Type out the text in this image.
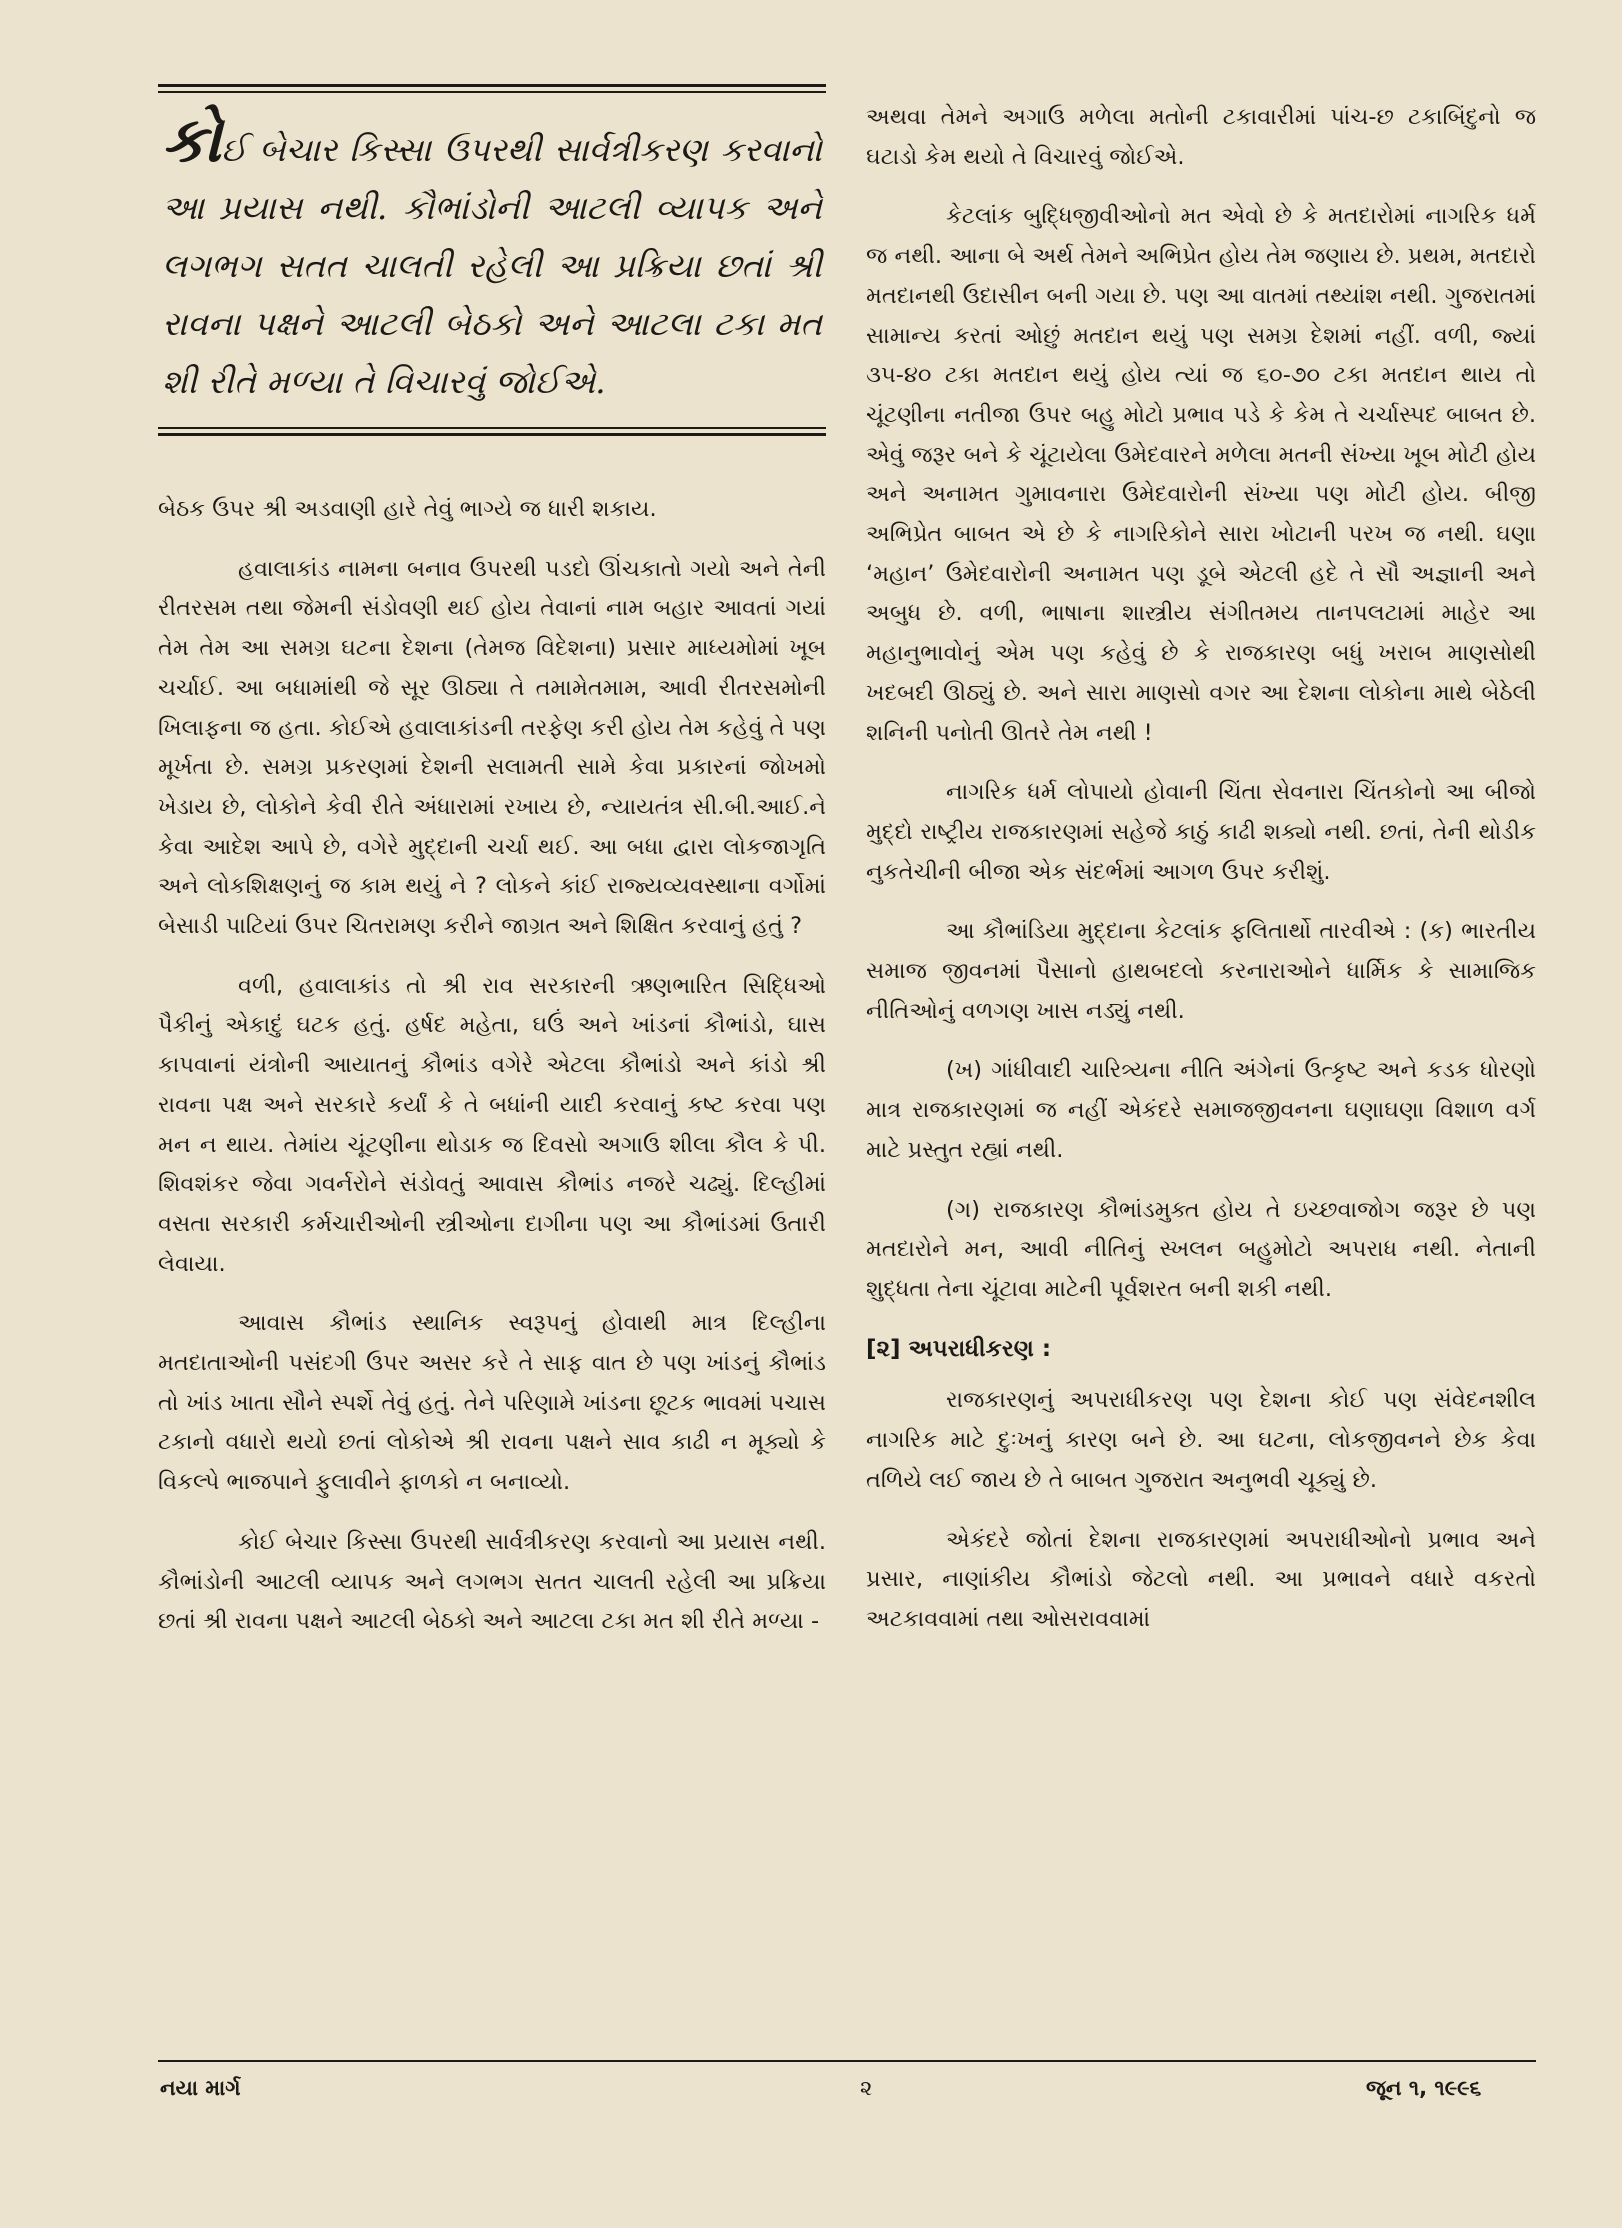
કોઈ બેચાર કિસ્સા ઉપરથી સાર્વત્રીકરણ કરવાનો આ પ્રયાસ નથી. કૌભાંડોની આટલી વ્યાપક અને લગભગ સતત ચાલતી રહેલી આ પ્રક્રિયા છતાં શ્રી રાવના પક્ષને આટલી બેઠકો અને આટલા ટકા મત શી રીતે મળ્યા તે વિચારવું જોઈએ.

બેઠક ઉપર શ્રી અડવાણી હારે તેવું ભાગ્યે જ ધારી શકાય.

હવાલાકાંડ નામના બનાવ ઉપરથી પડદો ઊંચકાતો ગયો અને તેની રીતરસમ તથા જેમની સંડોવણી થઈ હોય તેવાનાં નામ બહાર આવતાં ગયાં તેમ તેમ આ સમગ્ર ઘટના દેશના (તેમજ વિદેશના) પ્રસાર માધ્યમોમાં ખૂબ ચર્ચાઈ. આ બધામાંથી જે સૂર ઊઠ્યા તે તમામેતમામ, આવી રીતરસમોની ખિલાફના જ હતા. કોઈએ હવાલાકાંડની તરફેણ કરી હોય તેમ કહેવું તે પણ મૂર્ખતા છે. સમગ્ર પ્રકરણમાં દેશની સલામતી સામે કેવા પ્રકારનાં જોખમો ખેડાય છે, લોકોને કેવી રીતે અંધારામાં રખાય છે, ન્યાયતંત્ર સી.બી.આઈ.ને કેવા આદેશ આપે છે, વગેરે મુદ્દાની ચર્ચા થઈ. આ બધા દ્વારા લોકજાગૃતિ અને લોકશિક્ષણનું જ કામ થયું ને ? લોકને કાંઈ રાજ્યવ્યવસ્થાના વર્ગોમાં બેસાડી પાટિયાં ઉપર ચિતરામણ કરીને જાગ્રત અને શિક્ષિત કરવાનું હતું ?

વળી, હવાલાકાંડ તો શ્રી રાવ સરકારની ઋણભારિત સિદ્ધિઓ પૈકીનું એકાદું ઘટક હતું. હર્ષદ મહેતા, ઘઉં અને ખાંડનાં કૌભાંડો, ઘાસ કાપવાનાં યંત્રોની આયાતનું કૌભાંડ વગેરે એટલા કૌભાંડો અને કાંડો શ્રી રાવના પક્ષ અને સરકારે કર્યાં કે તે બધાંની યાદી કરવાનું કષ્ટ કરવા પણ મન ન થાય. તેમાંય ચૂંટણીના થોડાક જ દિવસો અગાઉ શીલા કૌલ કે પી. શિવશંકર જેવા ગવર્નરોને સંડોવતું આવાસ કૌભાંડ નજરે ચઢ્યું. દિલ્હીમાં વસતા સરકારી કર્મચારીઓની સ્ત્રીઓના દાગીના પણ આ કૌભાંડમાં ઉતારી લેવાયા.

આવાસ કૌભાંડ સ્થાનિક સ્વરૂપનું હોવાથી માત્ર દિલ્હીના મતદાતાઓની પસંદગી ઉપર અસર કરે તે સાફ વાત છે પણ ખાંડનું કૌભાંડ તો ખાંડ ખાતા સૌને સ્પર્શે તેવું હતું. તેને પરિણામે ખાંડના છૂટક ભાવમાં પચાસ ટકાનો વધારો થયો છતાં લોકોએ શ્રી રાવના પક્ષને સાવ કાઢી ન મૂક્યો કે વિકલ્પે ભાજપાને ફુલાવીને ફાળકો ન બનાવ્યો.

કોઈ બેચાર કિસ્સા ઉપરથી સાર્વત્રીકરણ કરવાનો આ પ્રયાસ નથી. કૌભાંડોની આટલી વ્યાપક અને લગભગ સતત ચાલતી રહેલી આ પ્રક્રિયા છતાં શ્રી રાવના પક્ષને આટલી બેઠકો અને આટલા ટકા મત શી રીતે મળ્યા -

અથવા તેમને અગાઉ મળેલા મતોની ટકાવારીમાં પાંચ-છ ટકાબિંદુનો જ ઘટાડો કેમ થયો તે વિચારવું જોઈએ.

કેટલાંક બુદ્ધિજીવીઓનો મત એવો છે કે મતદારોમાં નાગરિક ધર્મ જ નથી. આના બે અર્થ તેમને અભિપ્રેત હોય તેમ જણાય છે. પ્રથમ, મતદારો મતદાનથી ઉદાસીન બની ગયા છે. પણ આ વાતમાં તથ્યાંશ નથી. ગુજરાતમાં સામાન્ય કરતાં ઓછું મતદાન થયું પણ સમગ્ર દેશમાં નહીં. વળી, જ્યાં ૩૫-૪૦ ટકા મતદાન થયું હોય ત્યાં જ ૬૦-૭૦ ટકા મતદાન થાય તો ચૂંટણીના નતીજા ઉપર બહુ મોટો પ્રભાવ પડે કે કેમ તે ચર્ચાસ્પદ બાબત છે. એવું જરૂર બને કે ચૂંટાયેલા ઉમેદવારને મળેલા મતની સંખ્યા ખૂબ મોટી હોય અને અનામત ગુમાવનારા ઉમેદવારોની સંખ્યા પણ મોટી હોય. બીજી અભિપ્રેત બાબત એ છે કે નાગરિકોને સારા ખોટાની પરખ જ નથી. ઘણા ‘મહાન’ ઉમેદવારોની અનામત પણ ડૂબે એટલી હદે તે સૌ અજ્ઞાની અને અબુધ છે. વળી, ભાષાના શાસ્ત્રીય સંગીતમય તાનપલટામાં માહેર આ મહાનુભાવોનું એમ પણ કહેવું છે કે રાજકારણ બધું ખરાબ માણસોથી ખદબદી ઊઠ્યું છે. અને સારા માણસો વગર આ દેશના લોકોના માથે બેઠેલી શનિની પનોતી ઊતરે તેમ નથી !

નાગરિક ધર્મ લોપાયો હોવાની ચિંતા સેવનારા ચિંતકોનો આ બીજો મુદ્દો રાષ્ટ્રીય રાજકારણમાં સહેજે કાઠું કાઢી શક્યો નથી. છતાં, તેની થોડીક નુકતેચીની બીજા એક સંદર્ભમાં આગળ ઉપર કરીશું.

આ કૌભાંડિયા મુદ્દાના કેટલાંક ફલિતાર્થો તારવીએ : (ક) ભારતીય સમાજ જીવનમાં પૈસાનો હાથબદલો કરનારાઓને ધાર્મિક કે સામાજિક નીતિઓનું વળગણ ખાસ નડ્યું નથી.

(ખ) ગાંધીવાદી ચારિત્ર્યના નીતિ અંગેનાં ઉત્કૃષ્ટ અને કડક ધોરણો માત્ર રાજકારણમાં જ નહીં એકંદરે સમાજજીવનના ઘણાઘણા વિશાળ વર્ગ માટે પ્રસ્તુત રહ્યાં નથી.

(ગ) રાજકારણ કૌભાંડમુક્ત હોય તે ઇચ્છવાજોગ જરૂર છે પણ મતદારોને મન, આવી નીતિનું સ્ખલન બહુમોટો અપરાધ નથી. નેતાની શુદ્ધતા તેના ચૂંટાવા માટેની પૂર્વશરત બની શકી નથી.

[૨] અપરાધીકરણ :

રાજકારણનું અપરાધીકરણ પણ દેશના કોઈ પણ સંવેદનશીલ નાગરિક માટે દુઃખનું કારણ બને છે. આ ઘટના, લોકજીવનને છેક કેવા તળિયે લઈ જાય છે તે બાબત ગુજરાત અનુભવી ચૂક્યું છે.

એકંદરે જોતાં દેશના રાજકારણમાં અપરાધીઓનો પ્રભાવ અને પ્રસાર, નાણાંકીય કૌભાંડો જેટલો નથી. આ પ્રભાવને વધારે વકરતો અટકાવવામાં તથા ઓસરાવવામાં

નયા માર્ગ	૨	જૂન ૧, ૧૯૯૬
